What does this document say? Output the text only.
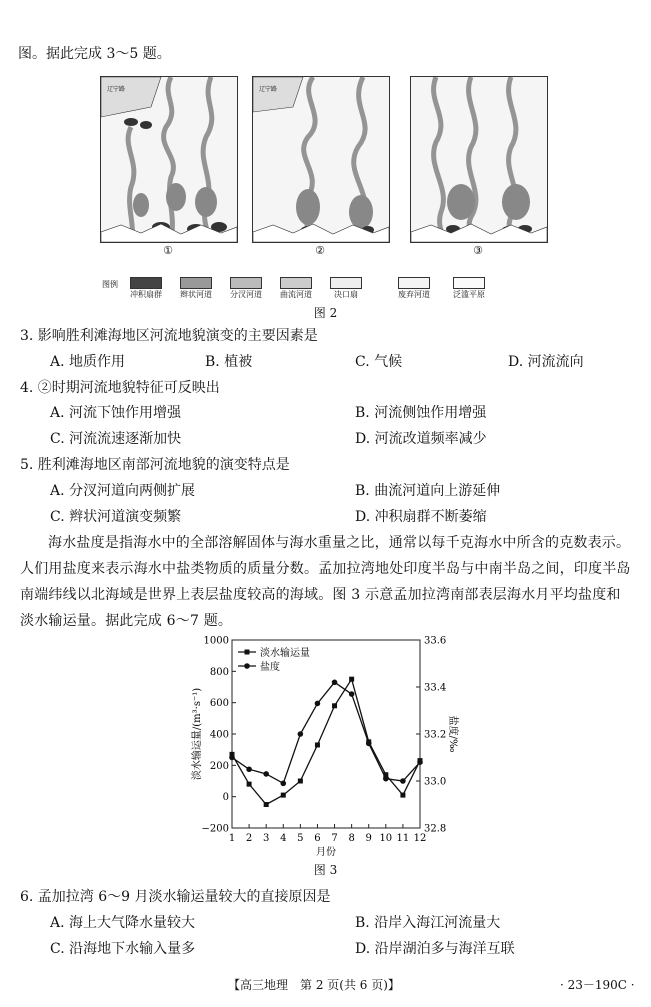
图。据此完成 3～5 题。
辽宁路	辽宁路
①	②	③
图例
冲积扇群	辫状河道	分汊河道	曲流河道	决口扇	废弃河道	泛滥平原
图 2
3. 影响胜利滩海地区河流地貌演变的主要因素是
A. 地质作用	B. 植被	C. 气候	D. 河流流向
4. ②时期河流地貌特征可反映出
A. 河流下蚀作用增强	B. 河流侧蚀作用增强
C. 河流流速逐渐加快	D. 河流改道频率减少
5. 胜利滩海地区南部河流地貌的演变特点是
A. 分汊河道向两侧扩展	B. 曲流河道向上游延伸
C. 辫状河道演变频繁	D. 冲积扇群不断萎缩
海水盐度是指海水中的全部溶解固体与海水重量之比，通常以每千克海水中所含的克数表示。人们用盐度来表示海水中盐类物质的质量分数。孟加拉湾地处印度半岛与中南半岛之间，印度半岛南端纬线以北海域是世界上表层盐度较高的海域。图 3 示意孟加拉湾南部表层海水月平均盐度和淡水输运量。据此完成 6～7 题。
1000
800
600
400
200
0
−200
33.6
33.4
33.2
33.0
32.8
1 2 3 4 5 6 7 8 9 10 11 12
月份
淡水输运量/(m³·s⁻¹)	盐度/‰
淡水输运量
盐度
图 3
6. 孟加拉湾 6～9 月淡水输运量较大的直接原因是
A. 海上大气降水量较大	B. 沿岸入海江河流量大
C. 沿海地下水输入量多	D. 沿岸湖泊多与海洋互联
【高三地理　第 2 页(共 6 页)】	· 23－190C ·
